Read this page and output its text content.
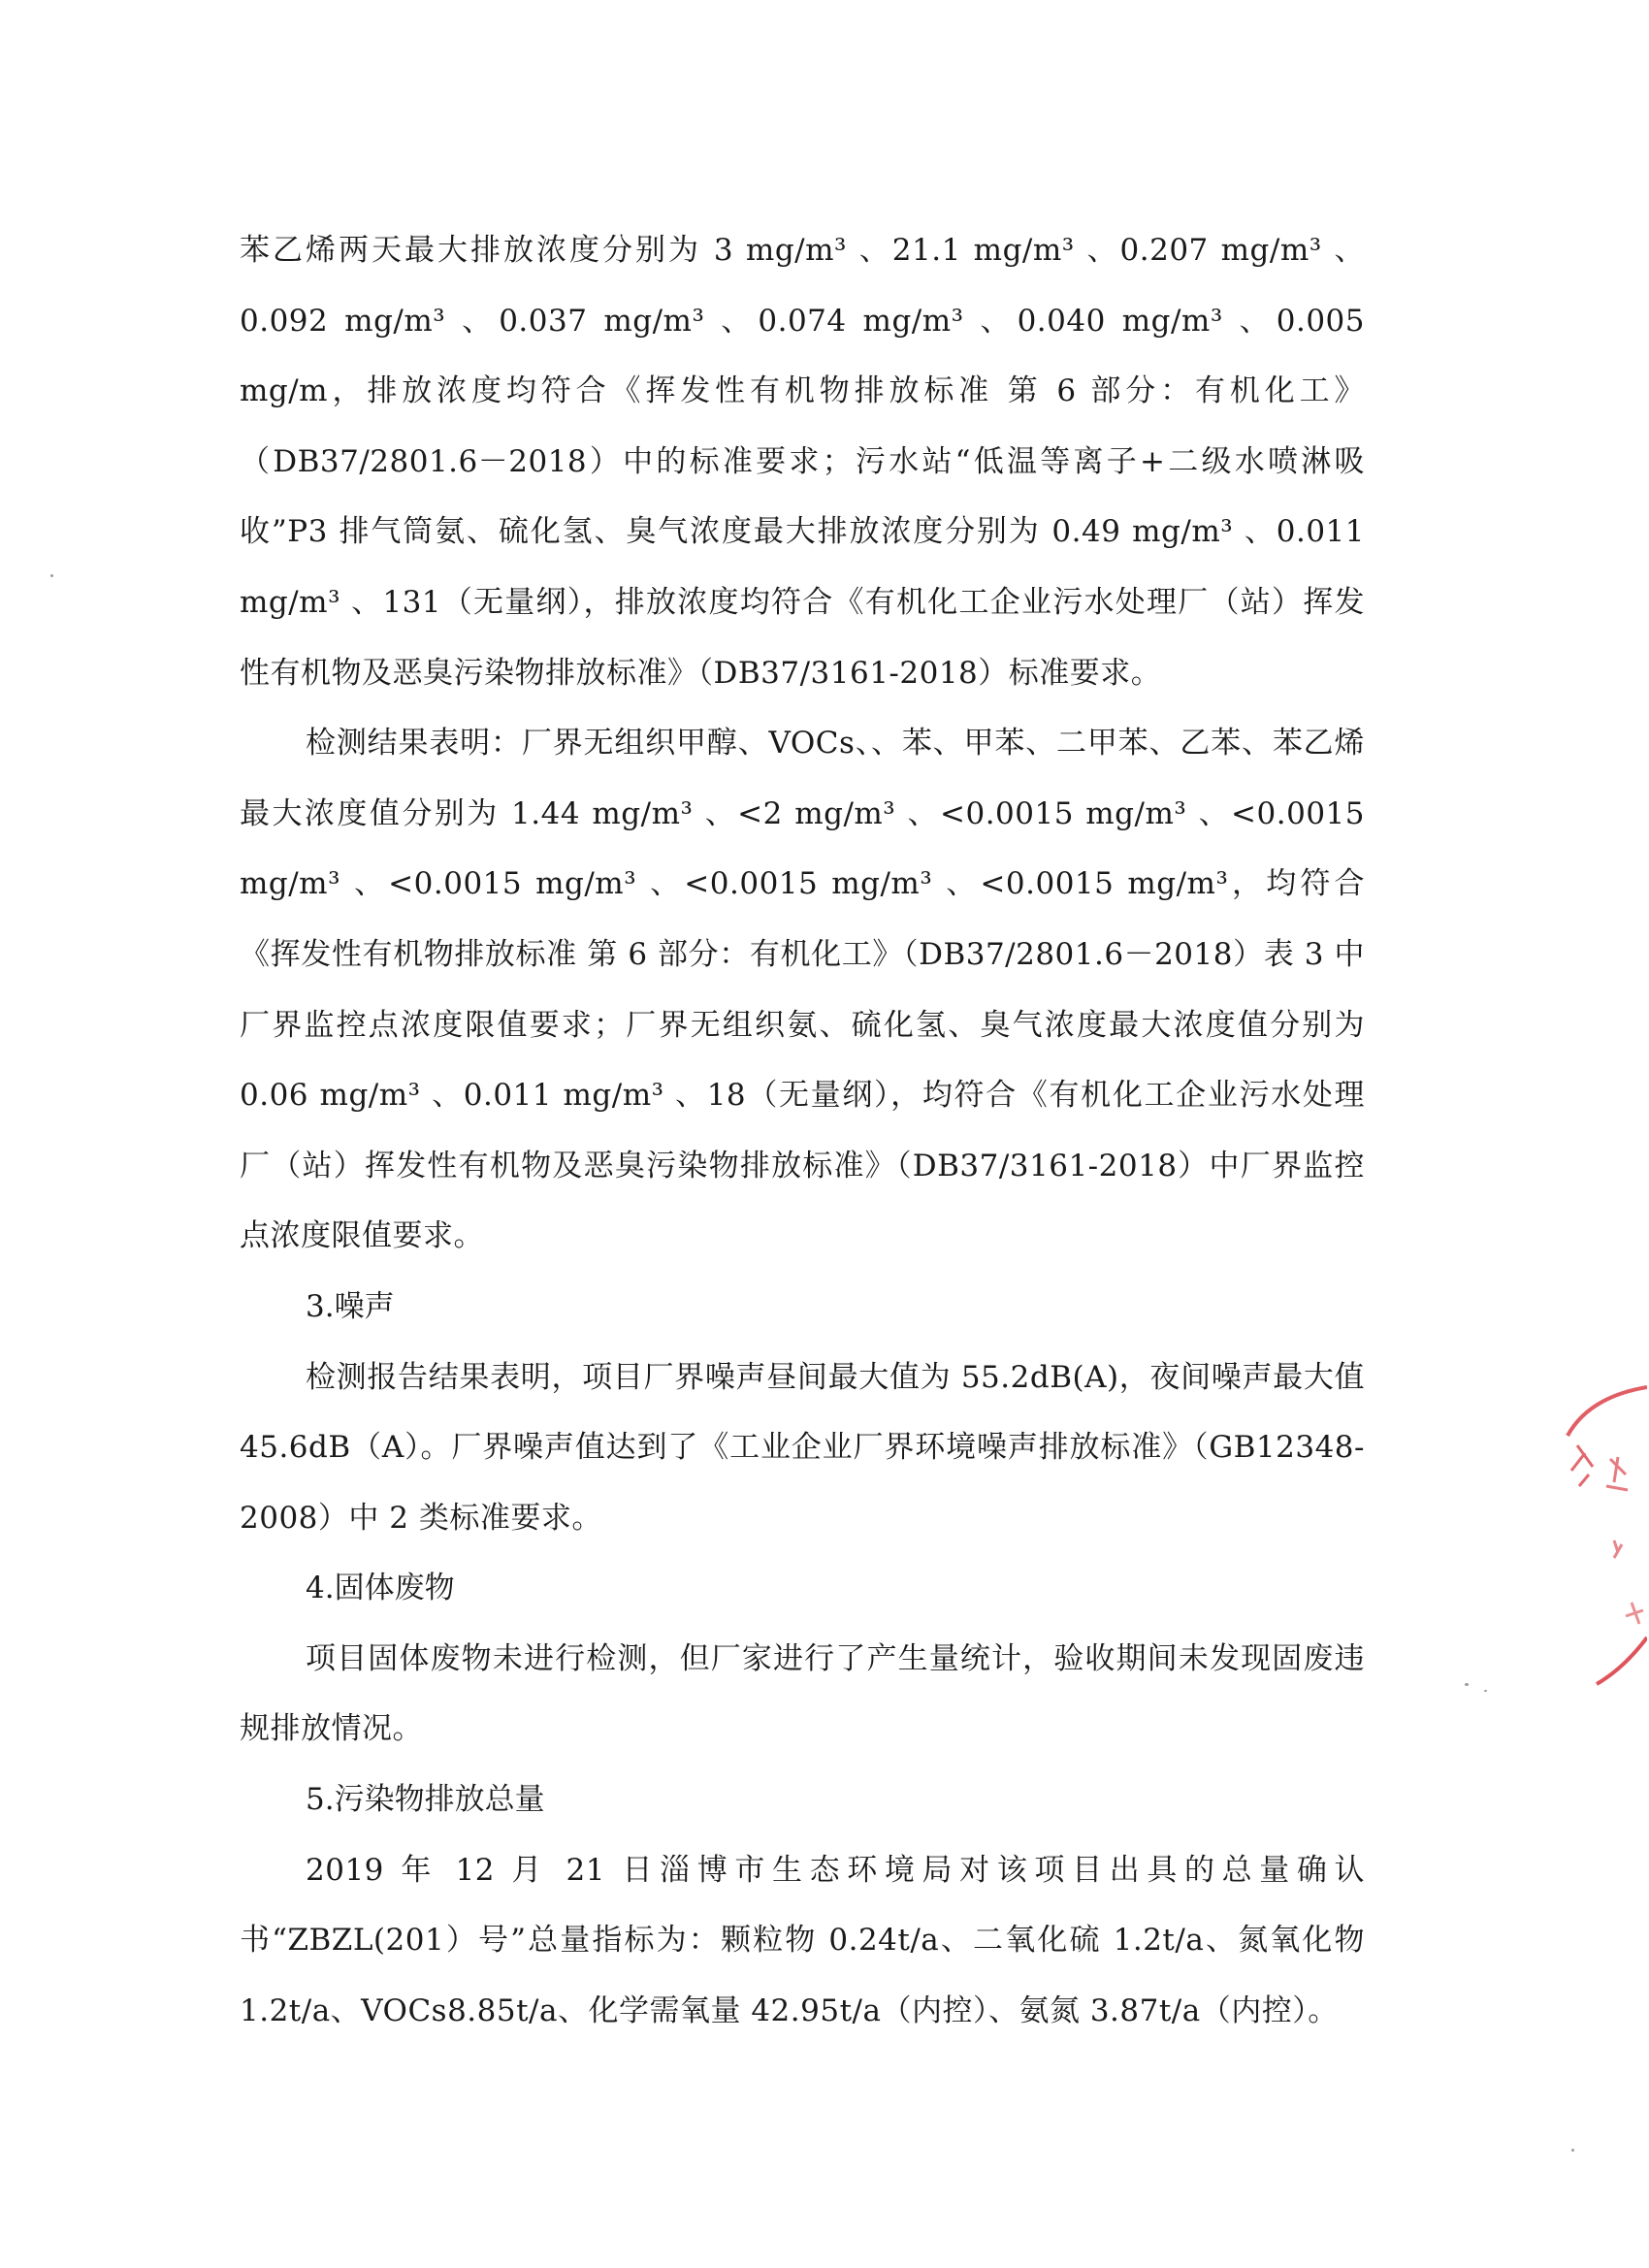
苯乙烯两天最大排放浓度分别为 3 mg/m³ 、21.1 mg/m³ 、0.207 mg/m³ 、0.092 mg/m³ 、0.037 mg/m³ 、0.074 mg/m³ 、0.040 mg/m³ 、0.005 mg/m，排放浓度均符合《挥发性有机物排放标准 第 6 部分：有机化工》（DB37/2801.6－2018）中的标准要求；污水站“低温等离子+二级水喷淋吸收”P3 排气筒氨、硫化氢、臭气浓度最大排放浓度分别为 0.49 mg/m³ 、0.011 mg/m³ 、131（无量纲），排放浓度均符合《有机化工企业污水处理厂（站）挥发性有机物及恶臭污染物排放标准》（DB37/3161-2018）标准要求。

检测结果表明：厂界无组织甲醇、VOCs、、苯、甲苯、二甲苯、乙苯、苯乙烯最大浓度值分别为 1.44 mg/m³ 、<2 mg/m³ 、<0.0015 mg/m³ 、<0.0015 mg/m³ 、<0.0015 mg/m³ 、<0.0015 mg/m³ 、<0.0015 mg/m³，均符合《挥发性有机物排放标准 第 6 部分：有机化工》（DB37/2801.6－2018）表 3 中厂界监控点浓度限值要求；厂界无组织氨、硫化氢、臭气浓度最大浓度值分别为 0.06 mg/m³ 、0.011 mg/m³ 、18（无量纲），均符合《有机化工企业污水处理厂（站）挥发性有机物及恶臭污染物排放标准》（DB37/3161-2018）中厂界监控点浓度限值要求。

3.噪声

检测报告结果表明，项目厂界噪声昼间最大值为 55.2dB(A)，夜间噪声最大值 45.6dB（A）。厂界噪声值达到了《工业企业厂界环境噪声排放标准》（GB12348-2008）中 2 类标准要求。

4.固体废物

项目固体废物未进行检测，但厂家进行了产生量统计，验收期间未发现固废违规排放情况。

5.污染物排放总量

2019 年 12 月 21 日淄博市生态环境局对该项目出具的总量确认书“ZBZL(201）号”总量指标为：颗粒物 0.24t/a、二氧化硫 1.2t/a、氮氧化物 1.2t/a、VOCs8.85t/a、化学需氧量 42.95t/a（内控）、氨氮 3.87t/a（内控）。
